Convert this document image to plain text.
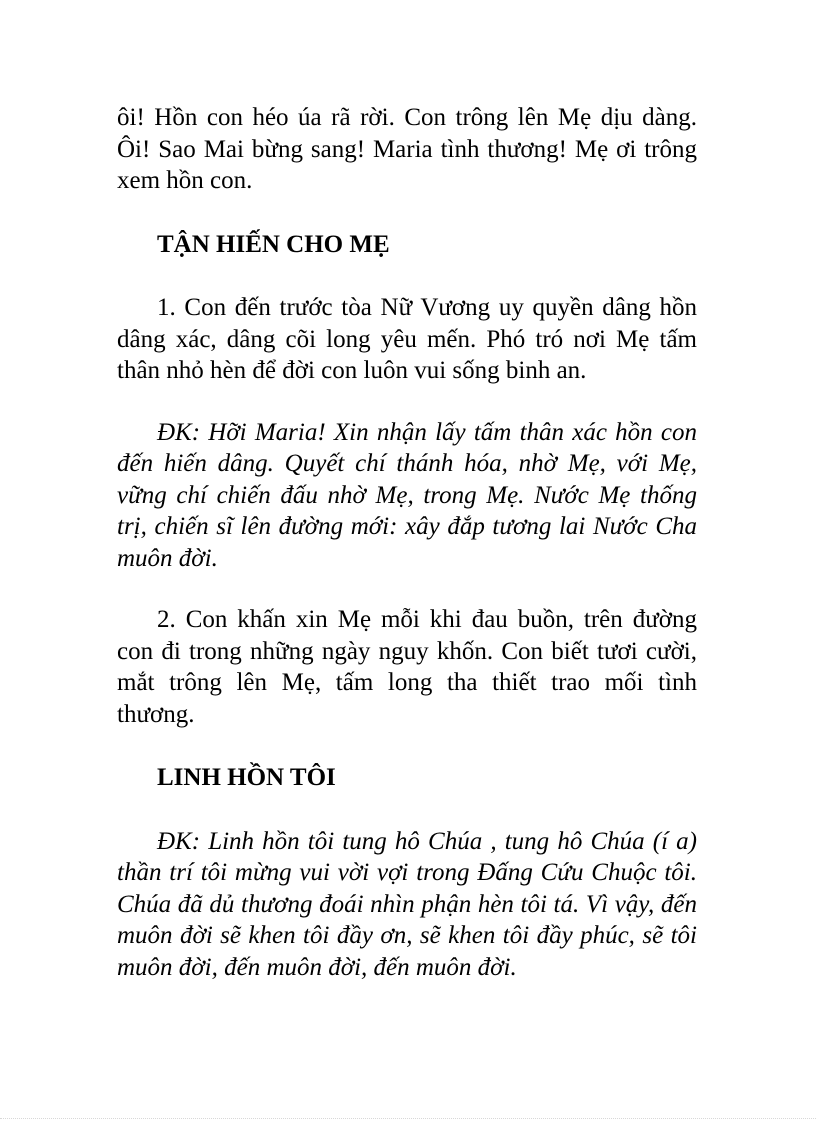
ôi! Hồn con héo úa rã rời. Con trông lên Mẹ dịu dàng. Ôi! Sao Mai bừng sang! Maria tình thương! Mẹ ơi trông xem hồn con.

TẬN HIẾN CHO MẸ

1. Con đến trước tòa Nữ Vương uy quyền dâng hồn dâng xác, dâng cõi long yêu mến. Phó tró nơi Mẹ tấm thân nhỏ hèn để đời con luôn vui sống binh an.

ĐK: Hỡi Maria! Xin nhận lấy tấm thân xác hồn con đến hiến dâng. Quyết chí thánh hóa, nhờ Mẹ, với Mẹ, vững chí chiến đấu nhờ Mẹ, trong Mẹ. Nước Mẹ thống trị, chiến sĩ lên đường mới: xây đắp tương lai Nước Cha muôn đời.

2. Con khấn xin Mẹ mỗi khi đau buồn, trên đường con đi trong những ngày nguy khốn. Con biết tươi cười, mắt trông lên Mẹ, tấm long tha thiết trao mối tình thương.

LINH HỒN TÔI

ĐK: Linh hồn tôi tung hô Chúa , tung hô Chúa (í a) thần trí tôi mừng vui vời vợi trong Đấng Cứu Chuộc tôi. Chúa đã dủ thương đoái nhìn phận hèn tôi tá. Vì vậy, đến muôn đời sẽ khen tôi đầy ơn, sẽ khen tôi đầy phúc, sẽ tôi muôn đời, đến muôn đời, đến muôn đời.
